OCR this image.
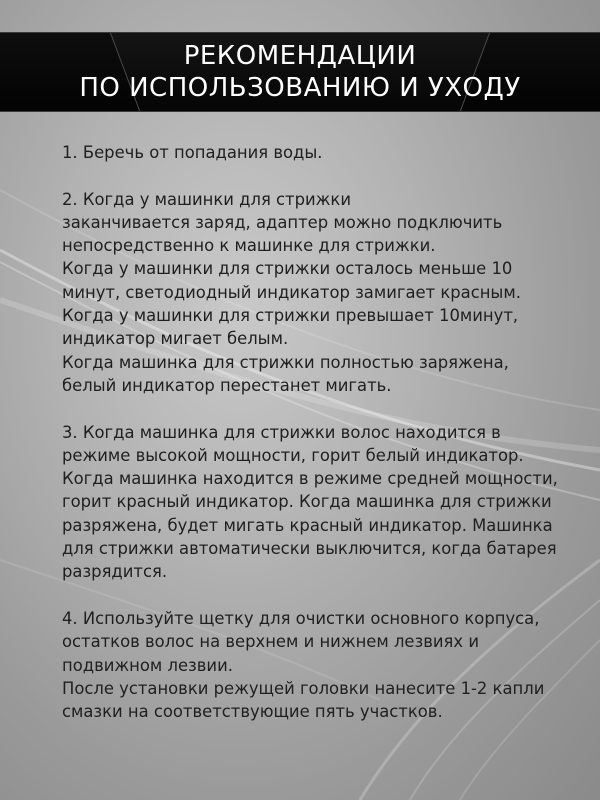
РЕКОМЕНДАЦИИ
ПО ИСПОЛЬЗОВАНИЮ И УХОДУ

1. Беречь от попадания воды.

2. Когда у машинки для стрижки
заканчивается заряд, адаптер можно подключить
непосредственно к машинке для стрижки.
Когда у машинки для стрижки осталось меньше 10
минут, светодиодный индикатор замигает красным.
Когда у машинки для стрижки превышает 10минут,
индикатор мигает белым.
Когда машинка для стрижки полностью заряжена,
белый индикатор перестанет мигать.

3. Когда машинка для стрижки волос находится в
режиме высокой мощности, горит белый индикатор.
Когда машинка находится в режиме средней мощности,
горит красный индикатор. Когда машинка для стрижки
разряжена, будет мигать красный индикатор. Машинка
для стрижки автоматически выключится, когда батарея
разрядится.

4. Используйте щетку для очистки основного корпуса,
остатков волос на верхнем и нижнем лезвиях и
подвижном лезвии.
После установки режущей головки нанесите 1-2 капли
смазки на соответствующие пять участков.
